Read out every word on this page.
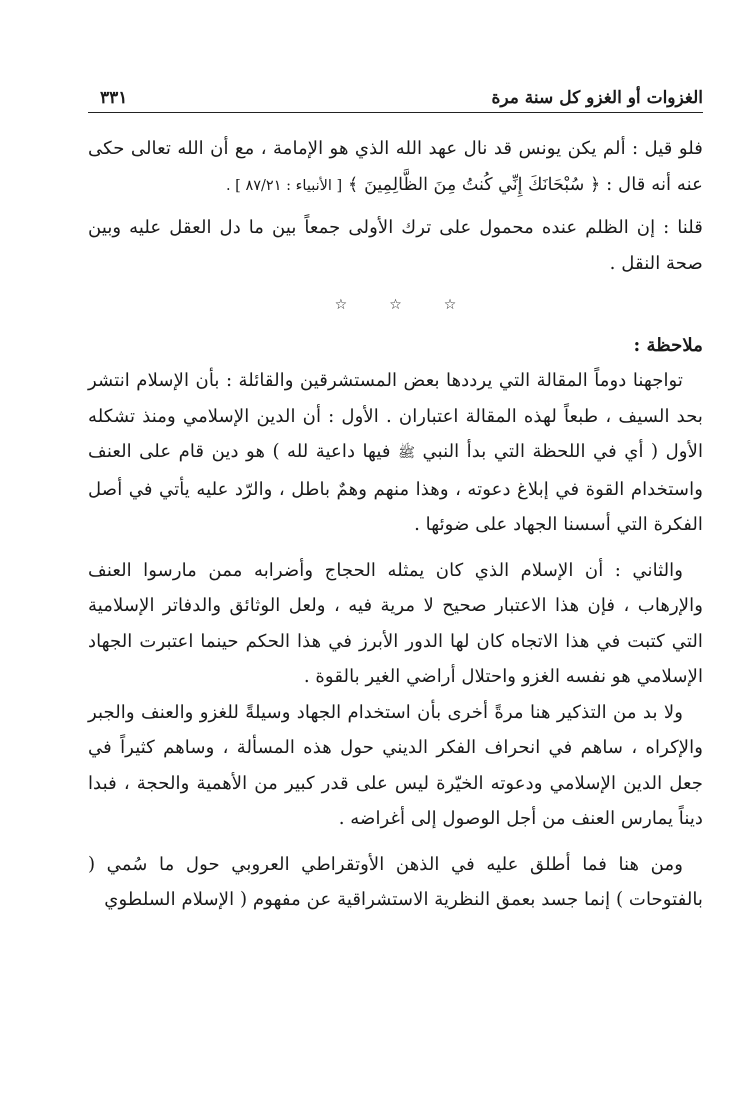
الغزوات أو الغزو كل سنة مرة
٣٣١

فلو قيل : ألم يكن يونس قد نال عهد الله الذي هو الإمامة ، مع أن الله تعالى حكى عنه أنه قال : ﴿ سُبْحَانَكَ إِنِّي كُنتُ مِنَ الظَّالِمِينَ ﴾ [ الأنبياء : ٨٧/٢١ ] .

قلنا : إن الظلم عنده محمول على ترك الأولى جمعاً بين ما دل العقل عليه وبين صحة النقل .

☆	☆	☆

ملاحظة :

تواجهنا دوماً المقالة التي يرددها بعض المستشرقين والقائلة : بأن الإسلام انتشر بحد السيف ، طبعاً لهذه المقالة اعتباران . الأول : أن الدين الإسلامي ومنذ تشكله الأول ( أي في اللحظة التي بدأ النبي ﷺ فيها داعية لله ) هو دين قام على العنف واستخدام القوة في إبلاغ دعوته ، وهذا منهم وهمٌ باطل ، والرّد عليه يأتي في أصل الفكرة التي أسسنا الجهاد على ضوئها .

والثاني : أن الإسلام الذي كان يمثله الحجاج وأضرابه ممن مارسوا العنف والإرهاب ، فإن هذا الاعتبار صحيح لا مرية فيه ، ولعل الوثائق والدفاتر الإسلامية التي كتبت في هذا الاتجاه كان لها الدور الأبرز في هذا الحكم حينما اعتبرت الجهاد الإسلامي هو نفسه الغزو واحتلال أراضي الغير بالقوة .

ولا بد من التذكير هنا مرةً أخرى بأن استخدام الجهاد وسيلةً للغزو والعنف والجبر والإكراه ، ساهم في انحراف الفكر الديني حول هذه المسألة ، وساهم كثيراً في جعل الدين الإسلامي ودعوته الخيّرة ليس على قدر كبير من الأهمية والحجة ، فبدا ديناً يمارس العنف من أجل الوصول إلى أغراضه .

ومن هنا فما أطلق عليه في الذهن الأوتقراطي العروبي حول ما سُمي ( بالفتوحات ) إنما جسد بعمق النظرية الاستشراقية عن مفهوم ( الإسلام السلطوي
